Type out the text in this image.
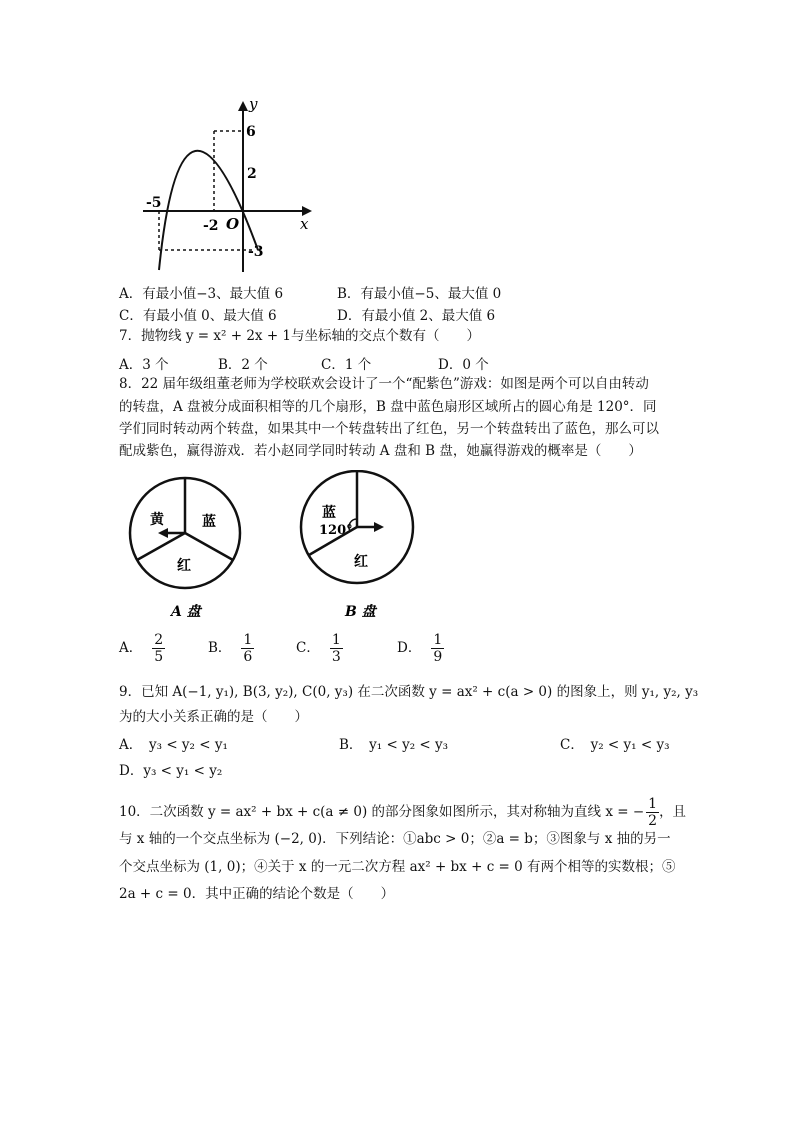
y
x
6
2
-5
-2 O
-3
A．有最小值−3、最大值 6	B．有最小值−5、最大值 0
C．有最小值 0、最大值 6	D．有最小值 2、最大值 6
7．抛物线 y = x² + 2x + 1与坐标轴的交点个数有（　　）
A．3 个	B．2 个	C．1 个	D．0 个
8．22 届年级组董老师为学校联欢会设计了一个“配紫色”游戏：如图是两个可以自由转动
的转盘，A 盘被分成面积相等的几个扇形，B 盘中蓝色扇形区域所占的圆心角是 120°．同
学们同时转动两个转盘，如果其中一个转盘转出了红色，另一个转盘转出了蓝色，那么可以
配成紫色，赢得游戏．若小赵同学同时转动 A 盘和 B 盘，她赢得游戏的概率是（　　）
黄	蓝
红
A 盘
蓝
120°
红
B 盘
A． $\frac{2}{5}$	B． $\frac{1}{6}$	C． $\frac{1}{3}$	D． $\frac{1}{9}$
9．已知 A(−1, y₁), B(3, y₂), C(0, y₃) 在二次函数 y = ax² + c(a > 0) 的图象上，则 y₁, y₂, y₃
为的大小关系正确的是（　　）
A．　y₃ < y₂ < y₁	B．　y₁ < y₂ < y₃	C．　y₂ < y₁ < y₃
D．y₃ < y₁ < y₂
10．二次函数 y = ax² + bx + c(a ≠ 0) 的部分图象如图所示，其对称轴为直线 x = − $\frac{1}{2}$ ，且
与 x 轴的一个交点坐标为 (−2, 0)．下列结论：①abc > 0；②a = b；③图象与 x 抽的另一
个交点坐标为 (1, 0)；④关于 x 的一元二次方程 ax² + bx + c = 0 有两个相等的实数根；⑤
2a + c = 0．其中正确的结论个数是（　　）
